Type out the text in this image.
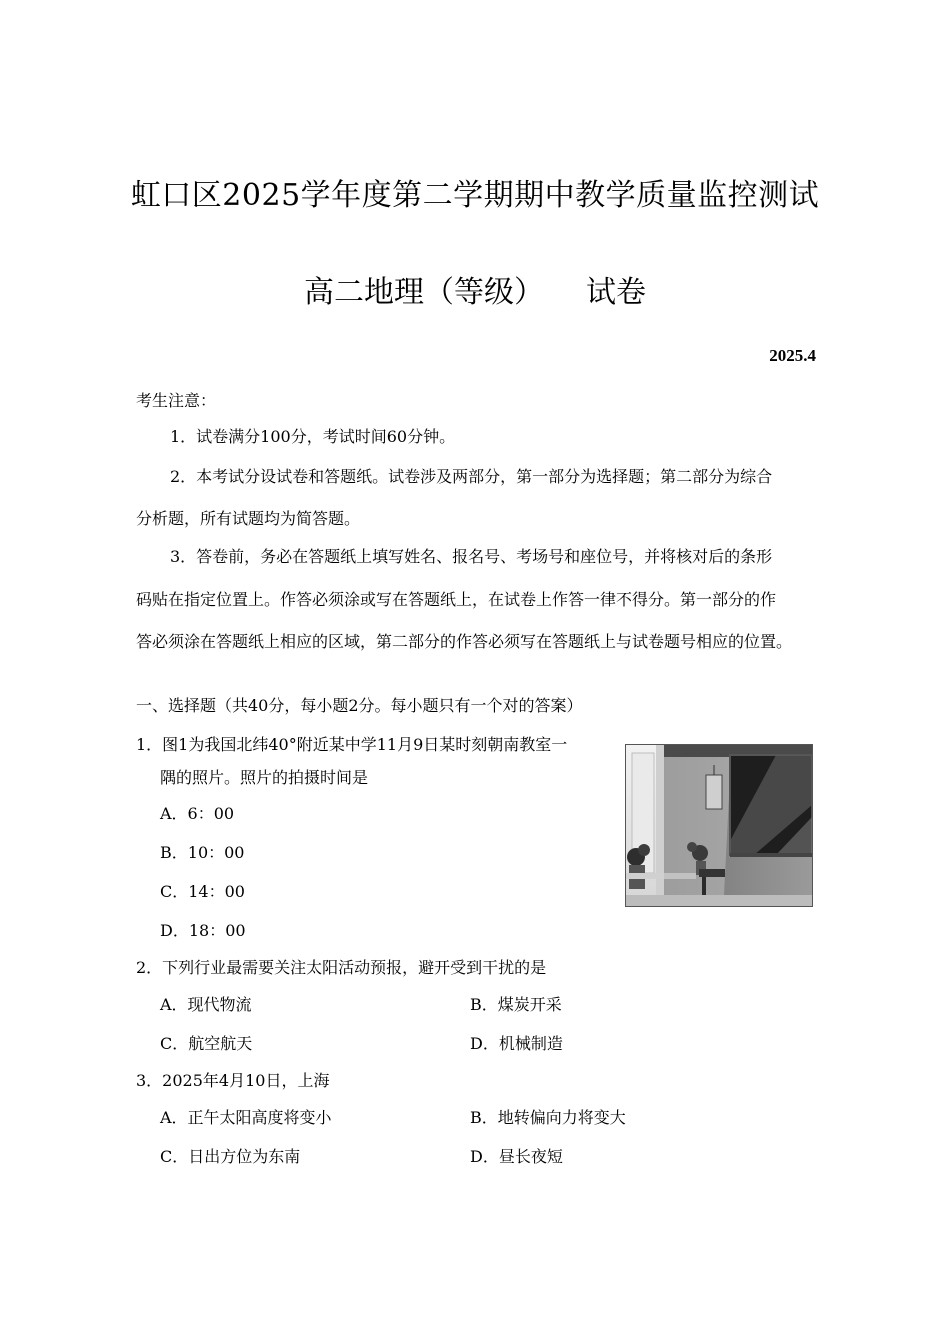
虹口区2025学年度第二学期期中教学质量监控测试
高二地理（等级） 试卷
2025.4
考生注意：
1．试卷满分100分，考试时间60分钟。
2．本考试分设试卷和答题纸。试卷涉及两部分，第一部分为选择题；第二部分为综合
分析题，所有试题均为简答题。
3．答卷前，务必在答题纸上填写姓名、报名号、考场号和座位号，并将核对后的条形
码贴在指定位置上。作答必须涂或写在答题纸上，在试卷上作答一律不得分。第一部分的作
答必须涂在答题纸上相应的区域，第二部分的作答必须写在答题纸上与试卷题号相应的位置。
一、选择题（共40分，每小题2分。每小题只有一个对的答案）
1．图1为我国北纬40°附近某中学11月9日某时刻朝南教室一
隅的照片。照片的拍摄时间是
A．6：00
B．10：00
C．14：00
D．18：00
2．下列行业最需要关注太阳活动预报，避开受到干扰的是
A．现代物流	B．煤炭开采
C．航空航天	D．机械制造
3．2025年4月10日，上海
A．正午太阳高度将变小	B．地转偏向力将变大
C．日出方位为东南	D．昼长夜短
